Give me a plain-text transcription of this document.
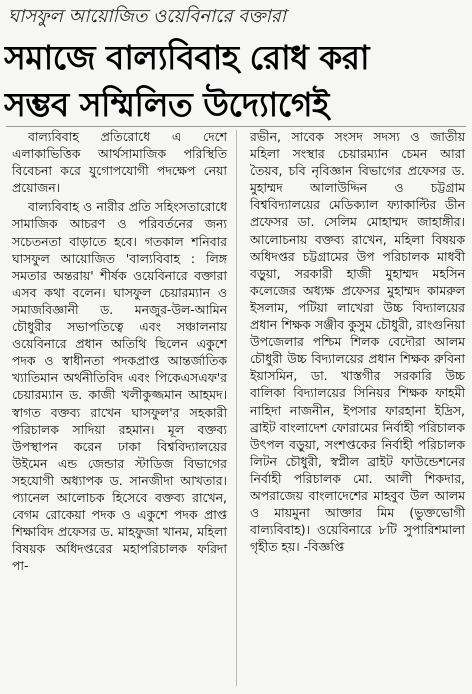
ঘাসফুল আয়োজিত ওয়েবিনারে বক্তারা
সমাজে বাল্যবিবাহ রোধ করা
সম্ভব সম্মিলিত উদ্যোগেই

বাল্যবিবাহ প্রতিরোধে এ দেশে এলাকাভিত্তিক আর্থসামাজিক পরিস্থিতি বিবেচনা করে যুগোপযোগী পদক্ষেপ নেয়া প্রয়োজন।

বাল্যবিবাহ ও নারীর প্রতি সহিংসতারোধে সামাজিক আচরণ ও পরিবর্তনের জন্য সচেতনতা বাড়াতে হবে। গতকাল শনিবার ঘাসফুল আয়োজিত 'বাল্যবিবাহ : লিঙ্গ সমতার অন্তরায়' শীর্ষক ওয়েবিনারে বক্তারা এসব কথা বলেন। ঘাসফুল চেয়ারম্যান ও সমাজবিজ্ঞানী ড. মনজুর-উল-আমিন চৌধুরীর সভাপতিত্বে এবং সঞ্চালনায় ওয়েবিনারে প্রধান অতিথি ছিলেন একুশে পদক ও স্বাধীনতা পদকপ্রাপ্ত আন্তর্জাতিক খ্যাতিমান অর্থনীতিবিদ এবং পিকেএসএফ'র চেয়ারম্যান ড. কাজী খলীকুজ্জমান আহমদ। স্বাগত বক্তব্য রাখেন ঘাসফুল'র সহকারী পরিচালক সাদিয়া রহমান। মূল বক্তব্য উপস্থাপন করেন ঢাকা বিশ্ববিদ্যালয়ের উইমেন এন্ড জেন্ডার স্টাডিজ বিভাগের সহযোগী অধ্যাপক ড. সানজীদা আখতার। প্যানেল আলোচক হিসেবে বক্তব্য রাখেন, বেগম রোকেয়া পদক ও একুশে পদক প্রাপ্ত শিক্ষাবিদ প্রফেসর ড. মাহফুজা খানম, মহিলা বিষয়ক অধিদপ্তরের মহাপরিচালক ফরিদা পা-

রভীন, সাবেক সংসদ সদস্য ও জাতীয় মহিলা সংস্থার চেয়ারম্যান চেমন আরা তৈয়ব, চবি নৃবিজ্ঞান বিভাগের প্রফেসর ড. মুহাম্মদ আলাউদ্দিন ও চট্টগ্রাম বিশ্ববিদ্যালয়ের মেডিক্যাল ফ্যাকাল্টির ডীন প্রফেসর ডা. সেলিম মোহাম্মদ জাহাঙ্গীর। আলোচনায় বক্তব্য রাখেন, মহিলা বিষয়ক অধিদপ্তর চট্টগ্রামের উপ পরিচালক মাধবী বড়ুয়া, সরকারী হাজী মুহাম্মদ মহসিন কলেজের অধ্যক্ষ প্রফেসর মুহাম্মদ কামরুল ইসলাম, পটিয়া লাখেরা উচ্চ বিদ্যালয়ের প্রধান শিক্ষক সঞ্জীব কুসুম চৌধুরী, রাংগুনিয়া উপজেলার পশ্চিম শিলক বেদৌরা আলম চৌধুরী উচ্চ বিদ্যালয়ের প্রধান শিক্ষক রুবিনা ইয়াসমিন, ডা. খাস্তগীর সরকারি উচ্চ বালিকা বিদ্যালয়ের সিনিয়র শিক্ষক ফাহমী নাহিদা নাজনীন, ইপসার ফারহানা ইদ্রিস, ব্রাইট বাংলাদেশ ফোরামের নির্বাহী পরিচালক উৎপল বড়ুয়া, সংশপ্তকের নির্বাহী পরিচালক লিটন চৌধুরী, স্বপ্নীল ব্রাইট ফাউন্ডেশনের নির্বাহী পরিচালক মো. আলী শিকদার, অপরাজেয় বাংলাদেশের মাহবুব উল আলম ও মায়মুনা আক্তার মিম (ভুক্তভোগী বাল্যবিবাহ)। ওয়েবিনারে ৮টি সুপারিশমালা গৃহীত হয়। -বিজ্ঞপ্তি
